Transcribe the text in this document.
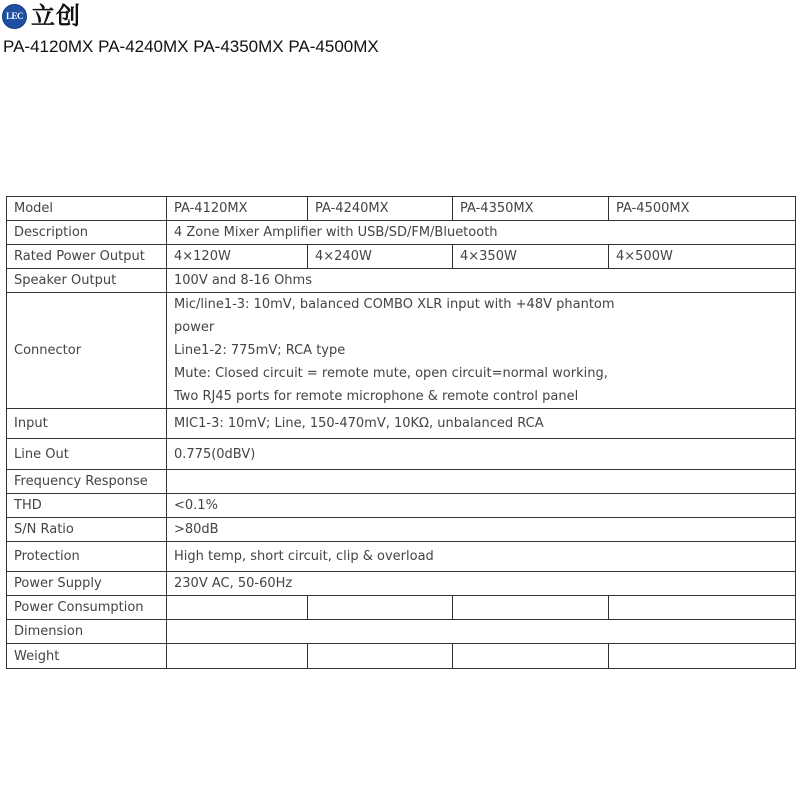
LEC 立创
PA-4120MX PA-4240MX PA-4350MX PA-4500MX
Model	PA-4120MX	PA-4240MX	PA-4350MX	PA-4500MX
Description	4 Zone Mixer Amplifier with USB/SD/FM/Bluetooth			
Rated Power Output	4×120W	4×240W	4×350W	4×500W
Speaker Output	100V and 8-16 Ohms			
Connector	Mic/line1-3: 10mV, balanced COMBO XLR input with +48V phantom
power
Line1-2: 775mV; RCA type
Mute: Closed circuit = remote mute, open circuit=normal working,
Two RJ45 ports for remote microphone & remote control panel			

Input	MIC1-3: 10mV; Line, 150-470mV, 10KΩ, unbalanced RCA			
Line Out	0.775(0dBV)			
Frequency Response				
THD	<0.1%			
S/N Ratio	>80dB			
Protection	High temp, short circuit, clip & overload			
Power Supply	230V AC, 50-60Hz			
Power Consumption				
Dimension				
Weight				
